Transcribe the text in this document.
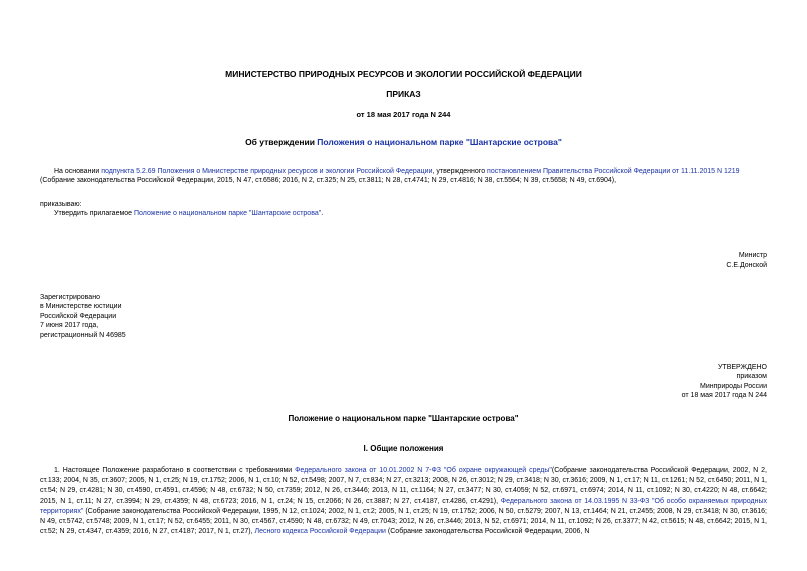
МИНИСТЕРСТВО ПРИРОДНЫХ РЕСУРСОВ И ЭКОЛОГИИ РОССИЙСКОЙ ФЕДЕРАЦИИ
ПРИКАЗ
от 18 мая 2017 года N 244
Об утверждении Положения о национальном парке "Шантарские острова"
На основании подпункта 5.2.69 Положения о Министерстве природных ресурсов и экологии Российской Федерации, утвержденного постановлением Правительства Российской Федерации от 11.11.2015 N 1219
(Собрание законодательства Российской Федерации, 2015, N 47, ст.6586; 2016, N 2, ст.325; N 25, ст.3811; N 28, ст.4741; N 29, ст.4816; N 38, ст.5564; N 39, ст.5658; N 49, ст.6904),
приказываю:
Утвердить прилагаемое Положение о национальном парке "Шантарские острова".
Министр
С.Е.Донской
Зарегистрировано
в Министерстве юстиции
Российской Федерации
7 июня 2017 года,
регистрационный N 46985
УТВЕРЖДЕНО
приказом
Минприроды России
от 18 мая 2017 года N 244
Положение о национальном парке "Шантарские острова"
I. Общие положения
1. Настоящее Положение разработано в соответствии с требованиями Федерального закона от 10.01.2002 N 7-ФЗ "Об охране окружающей среды"(Собрание законодательства Российской Федерации, 2002, N 2, ст.133; 2004, N 35, ст.3607; 2005, N 1, ст.25; N 19, ст.1752; 2006, N 1, ст.10; N 52, ст.5498; 2007, N 7, ст.834; N 27, ст.3213; 2008, N 26, ст.3012; N 29, ст.3418; N 30, ст.3616; 2009, N 1, ст.17; N 11, ст.1261; N 52, ст.6450; 2011, N 1, ст.54; N 29, ст.4281; N 30, ст.4590, ст.4591, ст.4596; N 48, ст.6732; N 50, ст.7359; 2012, N 26, ст.3446; 2013, N 11, ст.1164; N 27, ст.3477; N 30, ст.4059; N 52, ст.6971, ст.6974; 2014, N 11, ст.1092; N 30, ст.4220; N 48, ст.6642; 2015, N 1, ст.11; N 27, ст.3994; N 29, ст.4359; N 48, ст.6723; 2016, N 1, ст.24; N 15, ст.2066; N 26, ст.3887; N 27, ст.4187, ст.4286, ст.4291), Федерального закона от 14.03.1995 N 33-ФЗ "Об особо охраняемых природных территориях" (Собрание законодательства Российской Федерации, 1995, N 12, ст.1024; 2002, N 1, ст.2; 2005, N 1, ст.25; N 19, ст.1752; 2006, N 50, ст.5279; 2007, N 13, ст.1464; N 21, ст.2455; 2008, N 29, ст.3418; N 30, ст.3616; N 49, ст.5742, ст.5748; 2009, N 1, ст.17; N 52, ст.6455; 2011, N 30, ст.4567, ст.4590; N 48, ст.6732; N 49, ст.7043; 2012, N 26, ст.3446; 2013, N 52, ст.6971; 2014, N 11, ст.1092; N 26, ст.3377; N 42, ст.5615; N 48, ст.6642; 2015, N 1, ст.52; N 29, ст.4347, ст.4359; 2016, N 27, ст.4187; 2017, N 1, ст.27), Лесного кодекса Российской Федерации (Собрание законодательства Российской Федерации, 2006, N
